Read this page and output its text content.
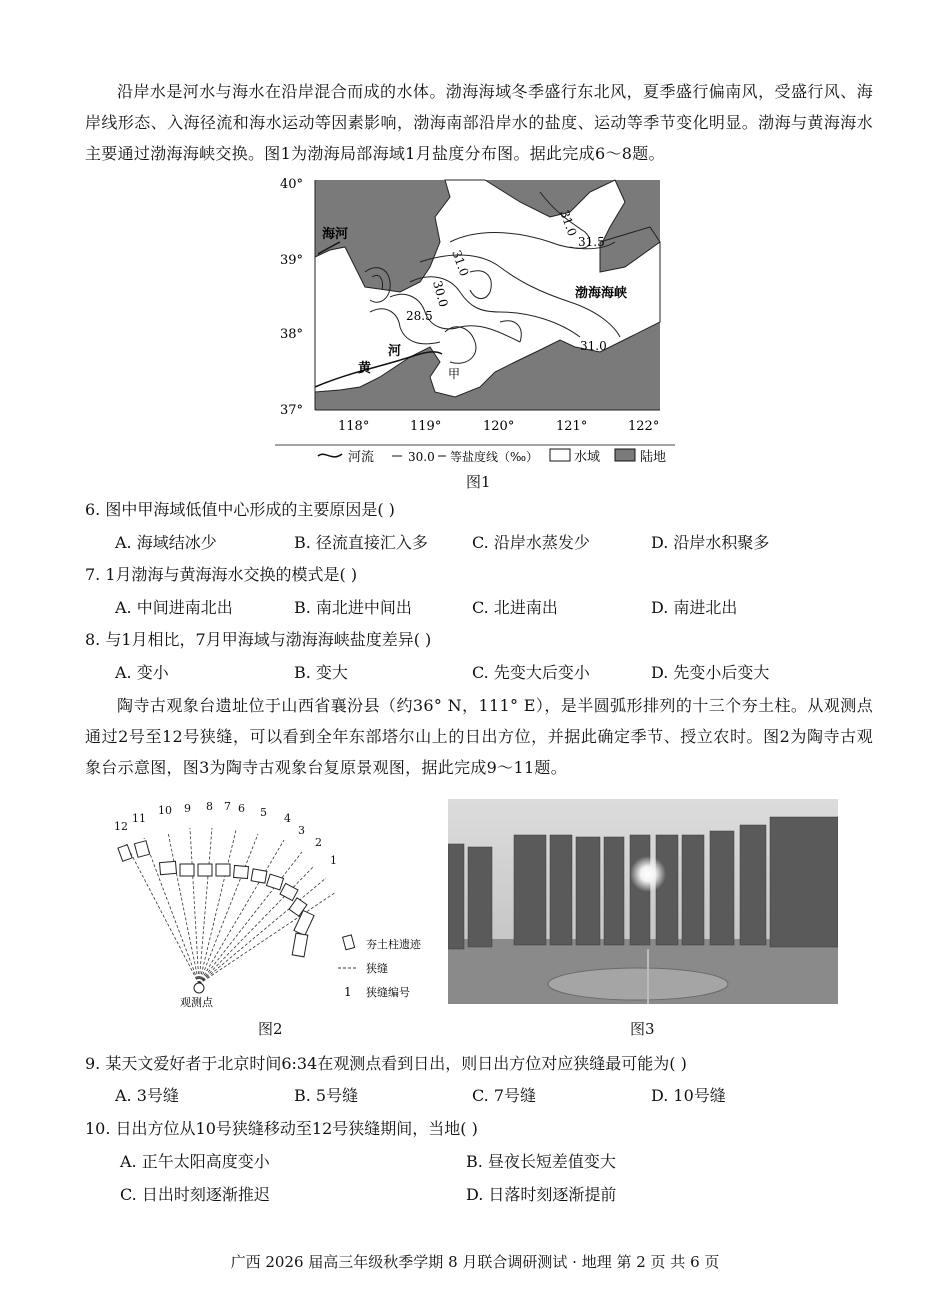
沿岸水是河水与海水在沿岸混合而成的水体。渤海海域冬季盛行东北风，夏季盛行偏南风，受盛行风、海岸线形态、入海径流和海水运动等因素影响，渤海南部沿岸水的盐度、运动等季节变化明显。渤海与黄海海水主要通过渤海海峡交换。图1为渤海局部海域1月盐度分布图。据此完成6～8题。
40°
39°
38°
37°
118°	119°	120°	121°	122°
海河
黄
河
渤海海峡
甲
31.0
31.5
31.0
30.0
28.5
31.0
河流	30.0 等盐度线（‰）	水域	陆地
图1
6. 图中甲海域低值中心形成的主要原因是( )
A. 海域结冰少	B. 径流直接汇入多	C. 沿岸水蒸发少	D. 沿岸水积聚多
7. 1月渤海与黄海海水交换的模式是( )
A. 中间进南北出	B. 南北进中间出	C. 北进南出	D. 南进北出
8. 与1月相比，7月甲海域与渤海海峡盐度差异( )
A. 变小	B. 变大	C. 先变大后变小	D. 先变小后变大
陶寺古观象台遗址位于山西省襄汾县（约36° N，111° E），是半圆弧形排列的十三个夯土柱。从观测点通过2号至12号狭缝，可以看到全年东部塔尔山上的日出方位，并据此确定季节、授立农时。图2为陶寺古观象台示意图，图3为陶寺古观象台复原景观图，据此完成9～11题。
1
2
3
4
5
6
7
8
9
10
11
12
观测点
夯土柱遗迹
狭缝
1 狭缝编号
图2	图3
9. 某天文爱好者于北京时间6:34在观测点看到日出，则日出方位对应狭缝最可能为( )
A. 3号缝	B. 5号缝	C. 7号缝	D. 10号缝
10. 日出方位从10号狭缝移动至12号狭缝期间，当地( )
A. 正午太阳高度变小	B. 昼夜长短差值变大
C. 日出时刻逐渐推迟	D. 日落时刻逐渐提前
广西 2026 届高三年级秋季学期 8 月联合调研测试 · 地理 第 2 页 共 6 页
